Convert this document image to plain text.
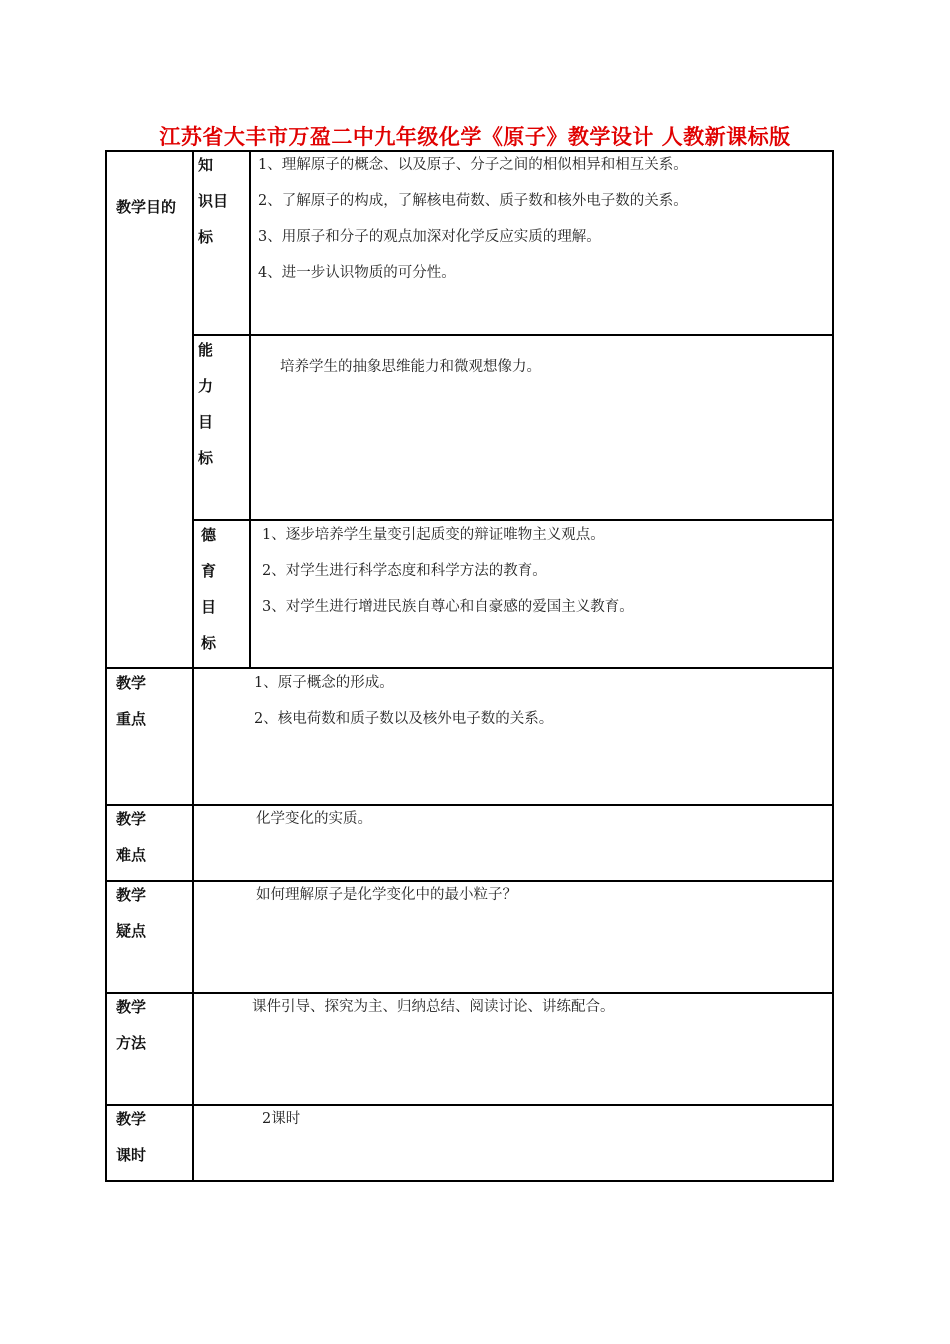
江苏省大丰市万盈二中九年级化学《原子》教学设计 人教新课标版
教学目的
知
识目
标
1、理解原子的概念、以及原子、分子之间的相似相异和相互关系。
2、了解原子的构成，了解核电荷数、质子数和核外电子数的关系。
3、用原子和分子的观点加深对化学反应实质的理解。
4、进一步认识物质的可分性。
能
力
目
标
培养学生的抽象思维能力和微观想像力。
德
育
目
标
1、逐步培养学生量变引起质变的辩证唯物主义观点。
2、对学生进行科学态度和科学方法的教育。
3、对学生进行增进民族自尊心和自豪感的爱国主义教育。
教学
重点
1、原子概念的形成。
2、核电荷数和质子数以及核外电子数的关系。
教学
难点
化学变化的实质。
教学
疑点
如何理解原子是化学变化中的最小粒子？
教学
方法
课件引导、探究为主、归纳总结、阅读讨论、讲练配合。
教学
课时
2课时
